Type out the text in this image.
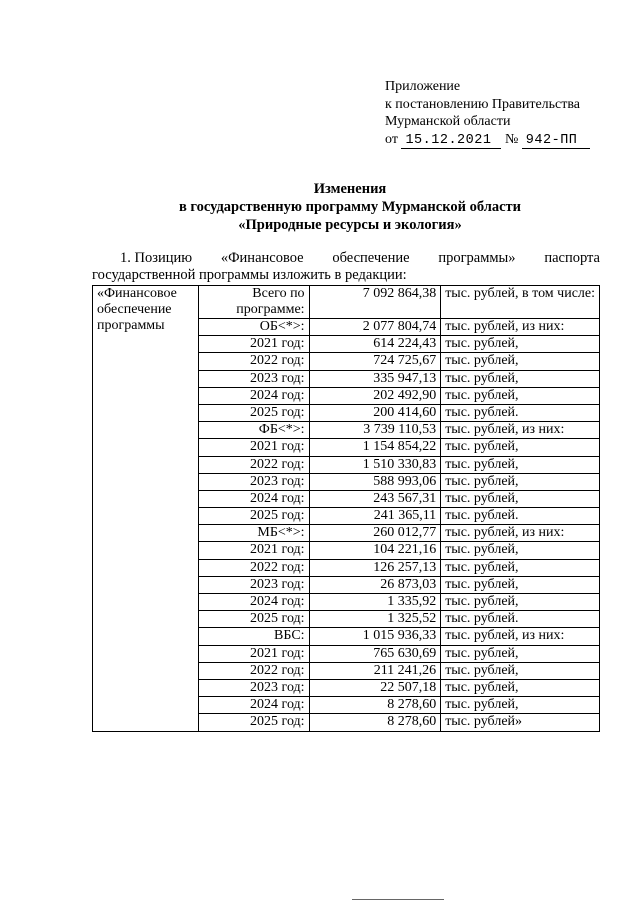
Приложение
к постановлению Правительства
Мурманской области
от 15.12.2021 № 942-ПП
Изменения
в государственную программу Мурманской области
«Природные ресурсы и экология»
1. Позицию «Финансовое обеспечение программы» паспорта
государственной программы изложить в редакции:
«Финансовое обеспечение программы	Всего по программе:	7 092 864,38	тыс. рублей, в том числе:
	ОБ<*>:	2 077 804,74	тыс. рублей, из них:
	2021 год:	614 224,43	тыс. рублей,
	2022 год:	724 725,67	тыс. рублей,
	2023 год:	335 947,13	тыс. рублей,
	2024 год:	202 492,90	тыс. рублей,
	2025 год:	200 414,60	тыс. рублей.
	ФБ<*>:	3 739 110,53	тыс. рублей, из них:
	2021 год:	1 154 854,22	тыс. рублей,
	2022 год:	1 510 330,83	тыс. рублей,
	2023 год:	588 993,06	тыс. рублей,
	2024 год:	243 567,31	тыс. рублей,
	2025 год:	241 365,11	тыс. рублей.
	МБ<*>:	260 012,77	тыс. рублей, из них:
	2021 год:	104 221,16	тыс. рублей,
	2022 год:	126 257,13	тыс. рублей,
	2023 год:	26 873,03	тыс. рублей,
	2024 год:	1 335,92	тыс. рублей,
	2025 год:	1 325,52	тыс. рублей.
	ВБС:	1 015 936,33	тыс. рублей, из них:
	2021 год:	765 630,69	тыс. рублей,
	2022 год:	211 241,26	тыс. рублей,
	2023 год:	22 507,18	тыс. рублей,
	2024 год:	8 278,60	тыс. рублей,
	2025 год:	8 278,60	тыс. рублей»
